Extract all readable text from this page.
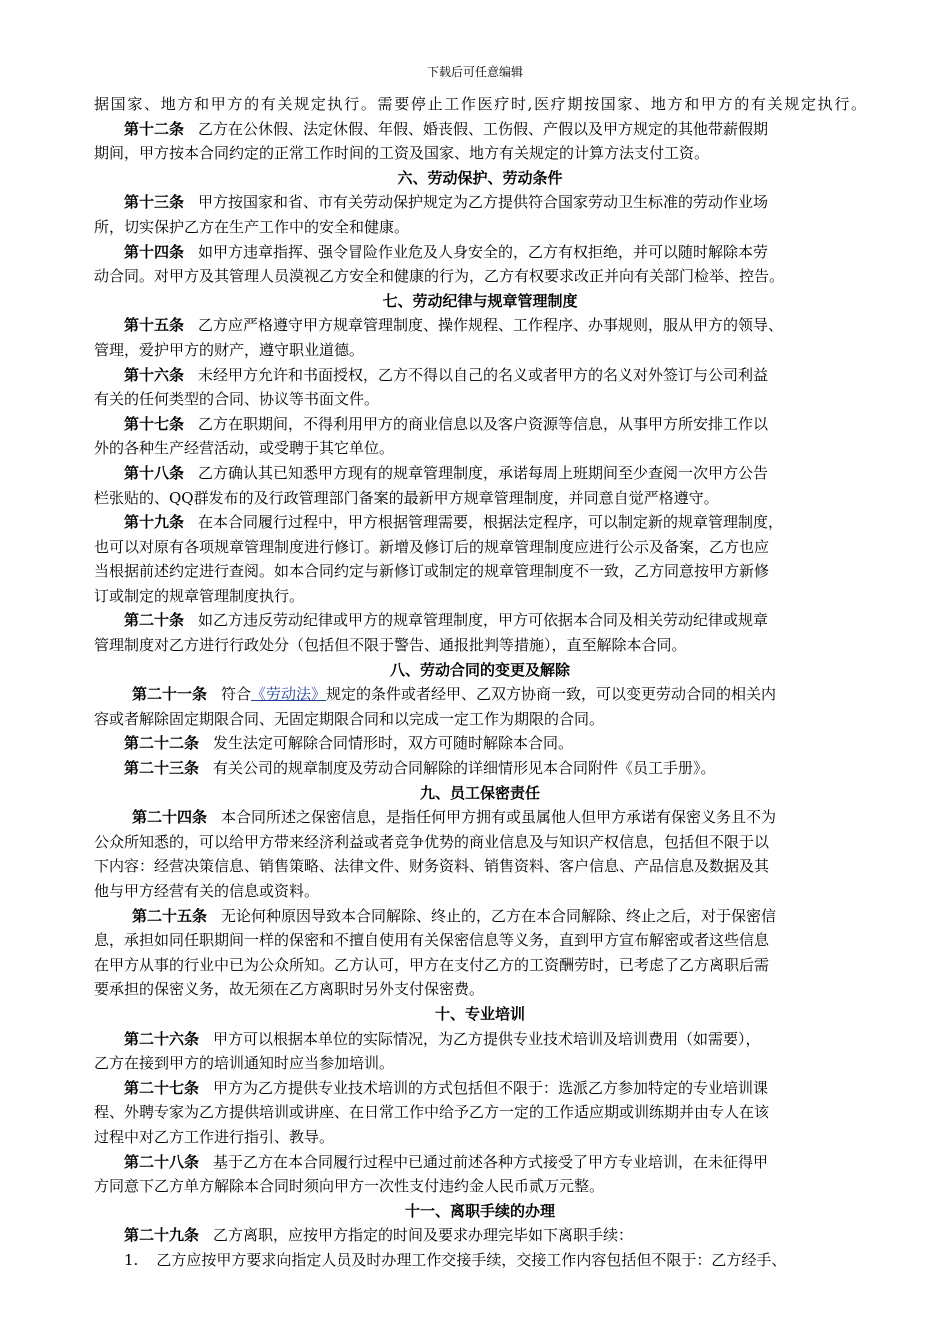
下载后可任意编辑
据国家、地方和甲方的有关规定执行。需要停止工作医疗时,医疗期按国家、地方和甲方的有关规定执行。
第十二条 乙方在公休假、法定休假、年假、婚丧假、工伤假、产假以及甲方规定的其他带薪假期
期间，甲方按本合同约定的正常工作时间的工资及国家、地方有关规定的计算方法支付工资。
六、劳动保护、劳动条件
第十三条 甲方按国家和省、市有关劳动保护规定为乙方提供符合国家劳动卫生标准的劳动作业场
所，切实保护乙方在生产工作中的安全和健康。
第十四条 如甲方违章指挥、强令冒险作业危及人身安全的，乙方有权拒绝，并可以随时解除本劳
动合同。对甲方及其管理人员漠视乙方安全和健康的行为，乙方有权要求改正并向有关部门检举、控告。
七、劳动纪律与规章管理制度
第十五条 乙方应严格遵守甲方规章管理制度、操作规程、工作程序、办事规则，服从甲方的领导、
管理，爱护甲方的财产，遵守职业道德。
第十六条 未经甲方允许和书面授权，乙方不得以自己的名义或者甲方的名义对外签订与公司利益
有关的任何类型的合同、协议等书面文件。
第十七条 乙方在职期间，不得利用甲方的商业信息以及客户资源等信息，从事甲方所安排工作以
外的各种生产经营活动，或受聘于其它单位。
第十八条 乙方确认其已知悉甲方现有的规章管理制度，承诺每周上班期间至少查阅一次甲方公告
栏张贴的、QQ群发布的及行政管理部门备案的最新甲方规章管理制度，并同意自觉严格遵守。
第十九条 在本合同履行过程中，甲方根据管理需要，根据法定程序，可以制定新的规章管理制度，
也可以对原有各项规章管理制度进行修订。新增及修订后的规章管理制度应进行公示及备案，乙方也应
当根据前述约定进行查阅。如本合同约定与新修订或制定的规章管理制度不一致，乙方同意按甲方新修
订或制定的规章管理制度执行。
第二十条 如乙方违反劳动纪律或甲方的规章管理制度，甲方可依据本合同及相关劳动纪律或规章
管理制度对乙方进行行政处分（包括但不限于警告、通报批判等措施），直至解除本合同。
八、劳动合同的变更及解除
第二十一条 符合《劳动法》规定的条件或者经甲、乙双方协商一致，可以变更劳动合同的相关内
容或者解除固定期限合同、无固定期限合同和以完成一定工作为期限的合同。
第二十二条 发生法定可解除合同情形时，双方可随时解除本合同。
第二十三条 有关公司的规章制度及劳动合同解除的详细情形见本合同附件《员工手册》。
九、员工保密责任
第二十四条 本合同所述之保密信息，是指任何甲方拥有或虽属他人但甲方承诺有保密义务且不为
公众所知悉的，可以给甲方带来经济利益或者竞争优势的商业信息及与知识产权信息，包括但不限于以
下内容：经营决策信息、销售策略、法律文件、财务资料、销售资料、客户信息、产品信息及数据及其
他与甲方经营有关的信息或资料。
第二十五条 无论何种原因导致本合同解除、终止的，乙方在本合同解除、终止之后，对于保密信
息，承担如同任职期间一样的保密和不擅自使用有关保密信息等义务，直到甲方宣布解密或者这些信息
在甲方从事的行业中已为公众所知。乙方认可，甲方在支付乙方的工资酬劳时，已考虑了乙方离职后需
要承担的保密义务，故无须在乙方离职时另外支付保密费。
十、专业培训
第二十六条 甲方可以根据本单位的实际情况，为乙方提供专业技术培训及培训费用（如需要），
乙方在接到甲方的培训通知时应当参加培训。
第二十七条 甲方为乙方提供专业技术培训的方式包括但不限于：选派乙方参加特定的专业培训课
程、外聘专家为乙方提供培训或讲座、在日常工作中给予乙方一定的工作适应期或训练期并由专人在该
过程中对乙方工作进行指引、教导。
第二十八条 基于乙方在本合同履行过程中已通过前述各种方式接受了甲方专业培训，在未征得甲
方同意下乙方单方解除本合同时须向甲方一次性支付违约金人民币贰万元整。
十一、离职手续的办理
第二十九条 乙方离职，应按甲方指定的时间及要求办理完毕如下离职手续：
1. 乙方应按甲方要求向指定人员及时办理工作交接手续，交接工作内容包括但不限于：乙方经手、
